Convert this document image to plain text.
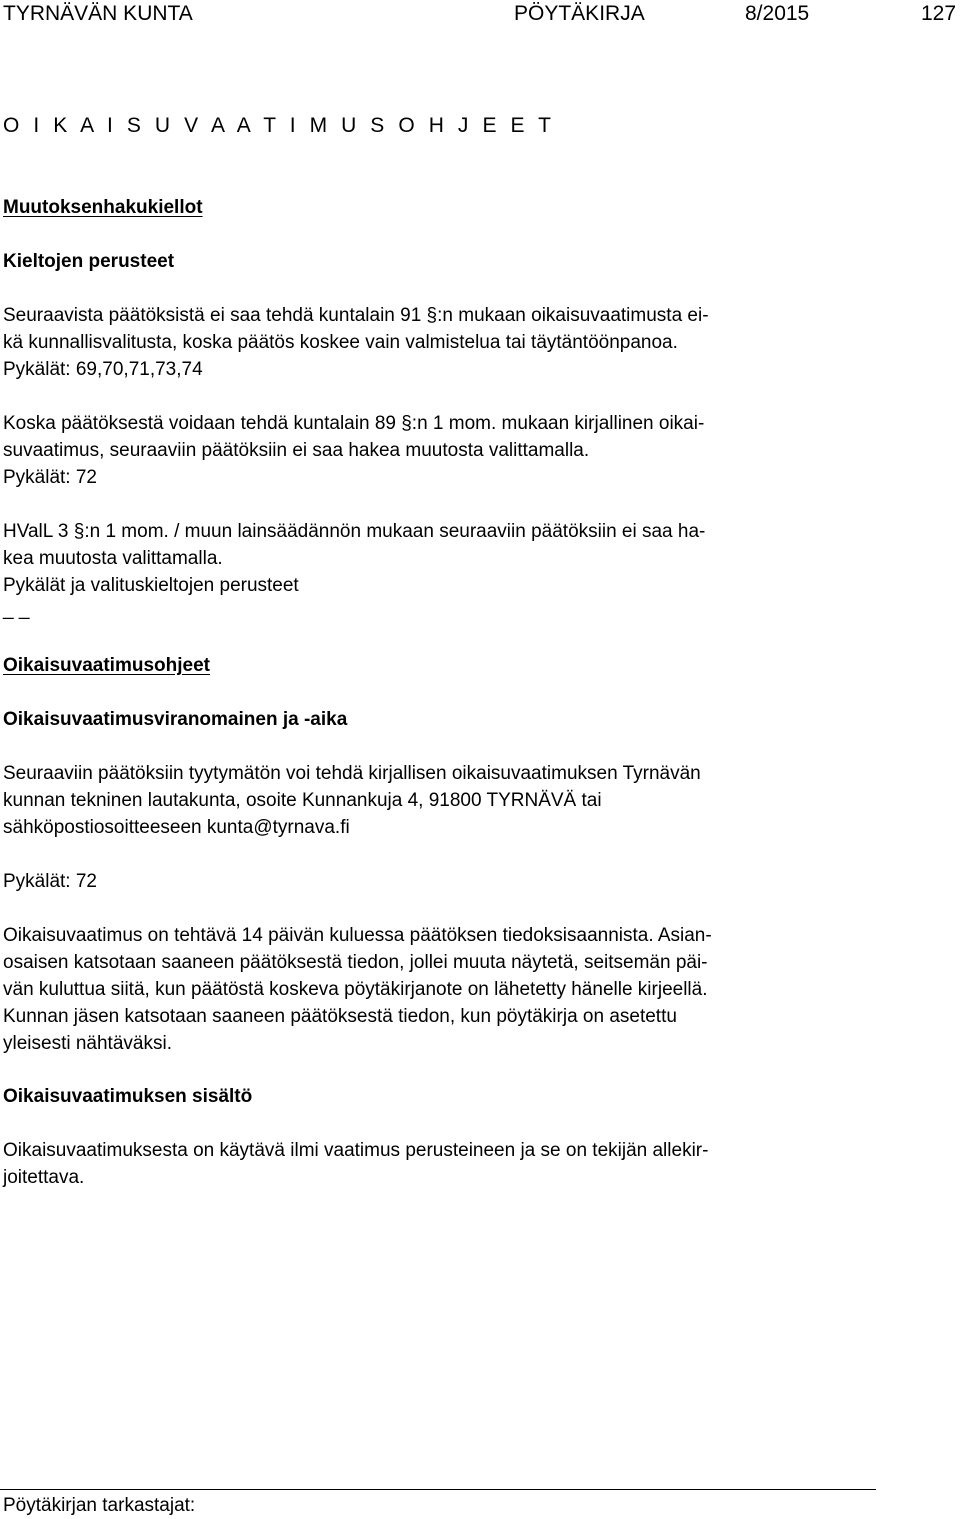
TYRNÄVÄN KUNTA	PÖYTÄKIRJA	8/2015	127
O I K A I S U V A A T I M U S O H J E E T
Muutoksenhakukiellot
Kieltojen perusteet
Seuraavista päätöksistä ei saa tehdä kuntalain 91 §:n mukaan oikaisuvaatimusta ei-
kä kunnallisvalitusta, koska päätös koskee vain valmistelua tai täytäntöönpanoa.
Pykälät: 69,70,71,73,74
Koska päätöksestä voidaan tehdä kuntalain 89 §:n 1 mom. mukaan kirjallinen oikai-
suvaatimus, seuraaviin päätöksiin ei saa hakea muutosta valittamalla.
Pykälät: 72
HValL 3 §:n 1 mom. / muun lainsäädännön mukaan seuraaviin päätöksiin ei saa ha-
kea muutosta valittamalla.
Pykälät ja valituskieltojen perusteet
_ _
Oikaisuvaatimusohjeet
Oikaisuvaatimusviranomainen ja -aika
Seuraaviin päätöksiin tyytymätön voi tehdä kirjallisen oikaisuvaatimuksen Tyrnävän
kunnan tekninen lautakunta, osoite Kunnankuja 4, 91800 TYRNÄVÄ tai
sähköpostiosoitteeseen kunta@tyrnava.fi
Pykälät: 72
Oikaisuvaatimus on tehtävä 14 päivän kuluessa päätöksen tiedoksisaannista. Asian-
osaisen katsotaan saaneen päätöksestä tiedon, jollei muuta näytetä, seitsemän päi-
vän kuluttua siitä, kun päätöstä koskeva pöytäkirjanote on lähetetty hänelle kirjeellä.
Kunnan jäsen katsotaan saaneen päätöksestä tiedon, kun pöytäkirja on asetettu
yleisesti nähtäväksi.
Oikaisuvaatimuksen sisältö
Oikaisuvaatimuksesta on käytävä ilmi vaatimus perusteineen ja se on tekijän allekir-
joitettava.
Pöytäkirjan tarkastajat:
